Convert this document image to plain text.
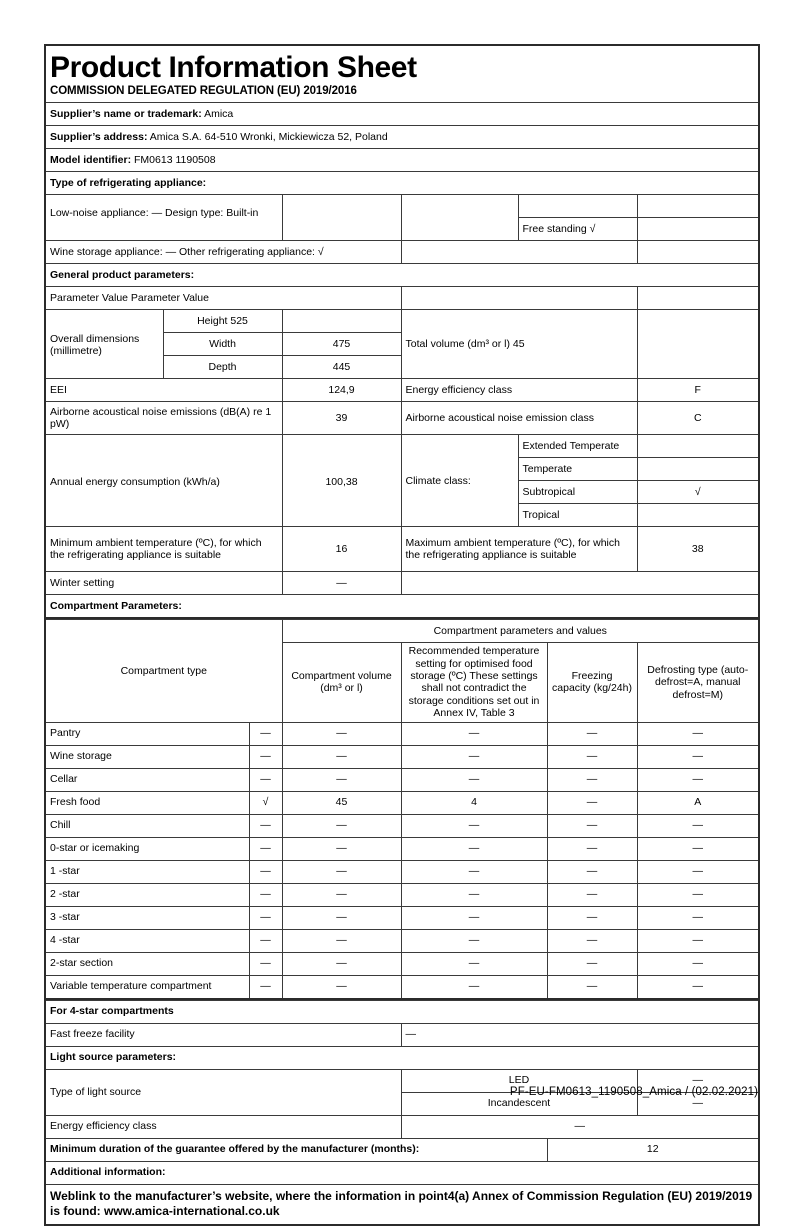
Product Information Sheet					

COMMISSION DELEGATED REGULATION (EU) 2019/2016					

Supplier’s name or trademark: Amica					
Supplier’s address: Amica S.A. 64-510 Wronki, Mickiewicza 52, Poland					
Model identifier: FM0613 1190508					
Type of refrigerating appliance:					

Low-noise appliance: — Design type: Built-in					

				Free standing √	

Wine storage appliance: — Other refrigerating appliance: √					

General product parameters:					
Parameter Value Parameter Value					
Overall dimensions (millimetre)	Height 525		Total volume (dm³ or l) 45		
	Width	475			
	Depth	445			
EEI		124,9	Energy efficiency class		F
Airborne acoustical noise emissions (dB(A) re 1 pW)		39	Airborne acoustical noise emission class		C
Annual energy consumption (kWh/a)		100,38	Climate class:	Extended Temperate	
				Temperate	
				Subtropical	√
				Tropical	
Minimum ambient temperature (ºC), for which the refrigerating appliance is suitable		16	Maximum ambient temperature (ºC), for which the refrigerating appliance is suitable		38
Winter setting		—			
Compartment Parameters:					
Compartment type		Compartment parameters and values			
		Compartment volume (dm³ or l)	Recommended temperature setting for optimised food storage (ºC) These settings shall not contradict the storage conditions set out in Annex IV, Table 3	Freezing capacity (kg/24h)	Defrosting type (auto-defrost=A, manual defrost=M)
Pantry	—	—	—	—	—
Wine storage	—	—	—	—	—
Cellar	—	—	—	—	—
Fresh food	√	45	4	—	A
Chill	—	—	—	—	—
0-star or icemaking	—	—	—	—	—
1 -star	—	—	—	—	—
2 -star	—	—	—	—	—
3 -star	—	—	—	—	—
4 -star	—	—	—	—	—
2-star section	—	—	—	—	—
Variable temperature compartment	—	—	—	—	—
For 4-star compartments			
Fast freeze facility	—		
Light source parameters:			
Type of light source	LED		—
	Incandescent		—
Energy efficiency class	—		
Minimum duration of the guarantee offered by the manufacturer (months):		12	
Additional information:			

Weblink to the manufacturer’s website, where the information in point4(a) Annex of Commission Regulation (EU) 2019/2019 is found: www.amica-international.co.uk			
PF-EU-FM0613_1190508_Amica / (02.02.2021)
